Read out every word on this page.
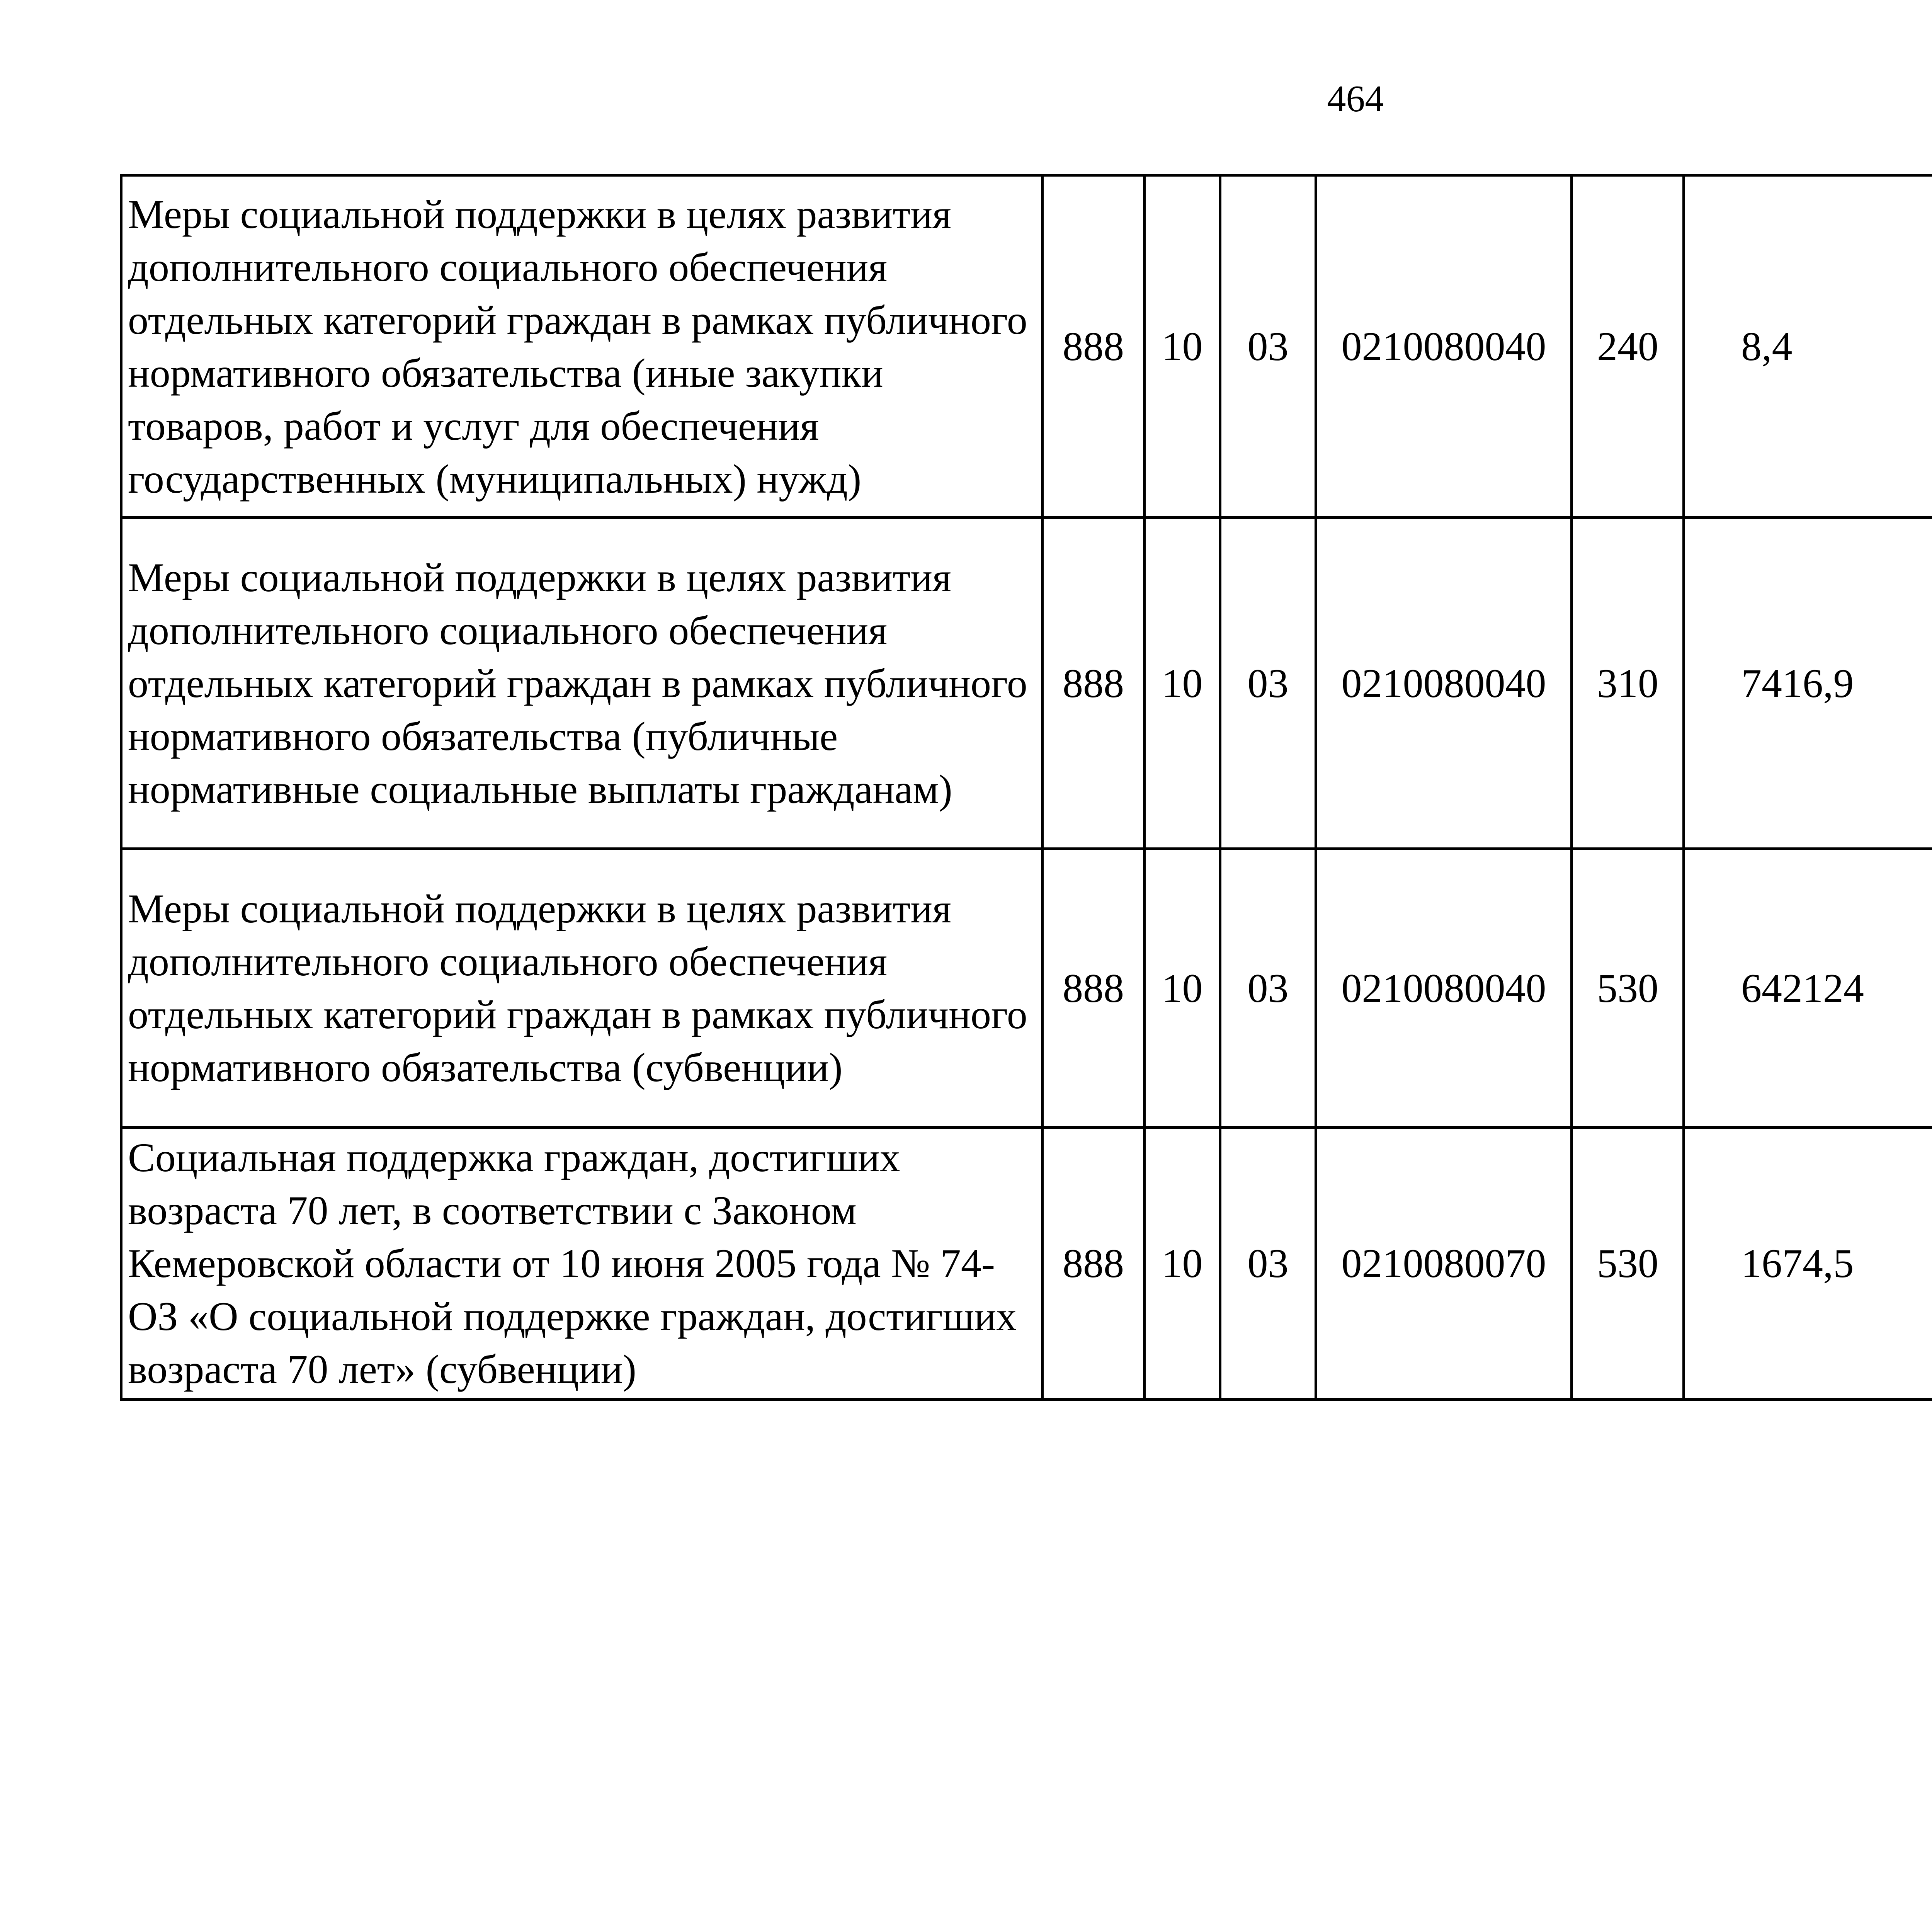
464
Меры социальной поддержки в целях развития дополнительного социального обеспечения отдельных категорий граждан в рамках публичного нормативного обязательства (иные закупки товаров, работ и услуг для обеспечения государственных (муниципальных) нужд)	888	10	03	0210080040	240	8,4		
Меры социальной поддержки в целях развития дополнительного социального обеспечения отдельных категорий граждан в рамках публичного нормативного обязательства (публичные нормативные социальные выплаты гражданам)	888	10	03	0210080040	310	7416,9		
Меры социальной поддержки в целях развития дополнительного социального обеспечения отдельных категорий граждан в рамках публичного нормативного обязательства (субвенции)	888	10	03	0210080040	530	642124		
Социальная поддержка граждан, достигших возраста 70 лет, в соответствии с Законом Кемеровской области от 10 июня 2005 года № 74-ОЗ «О социальной поддержке граждан, достигших возраста 70 лет» (субвенции)	888	10	03	0210080070	530	1674,5		
